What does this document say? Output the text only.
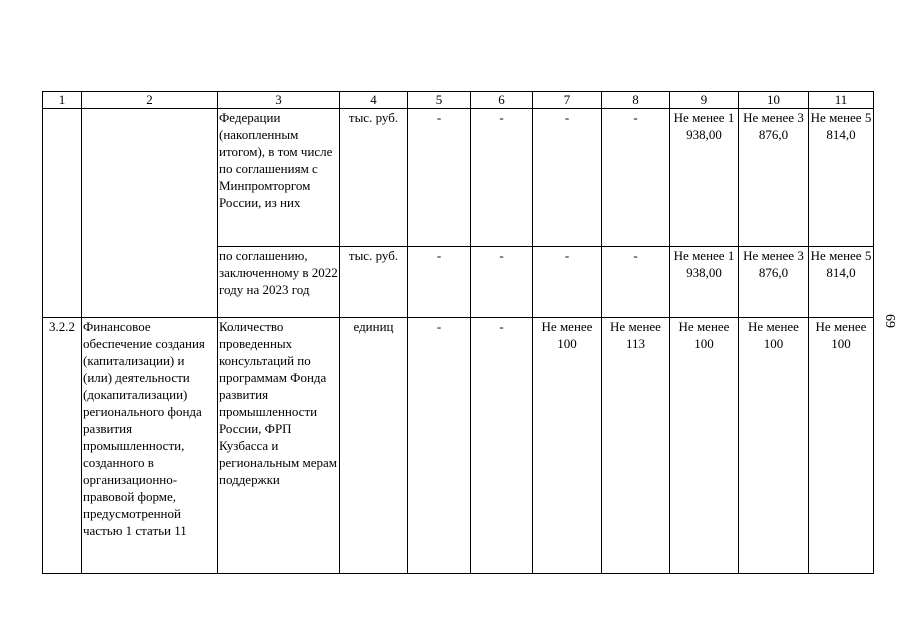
1	2	3	4	5	6	7	8	9	10	11
		Федерации (накопленным итогом), в том числе по соглашениям с Минпромторгом России, из них	тыс. руб.	-	-	-	-	Не менее 1 938,00	Не менее 3 876,0	Не менее 5 814,0
		по соглашению, заключенному в 2022 году на 2023 год	тыс. руб.	-	-	-	-	Не менее 1 938,00	Не менее 3 876,0	Не менее 5 814,0
3.2.2	Финансовое обеспечение создания (капитализации) и (или) деятельности (докапитализации) регионального фонда развития промышленности, созданного в организационно-правовой форме, предусмотренной частью 1 статьи 11	Количество проведенных консультаций по программам Фонда развития промышленности России, ФРП Кузбасса и региональным мерам поддержки	единиц	-	-	Не менее 100	Не менее 113	Не менее 100	Не менее 100	Не менее 100
69
